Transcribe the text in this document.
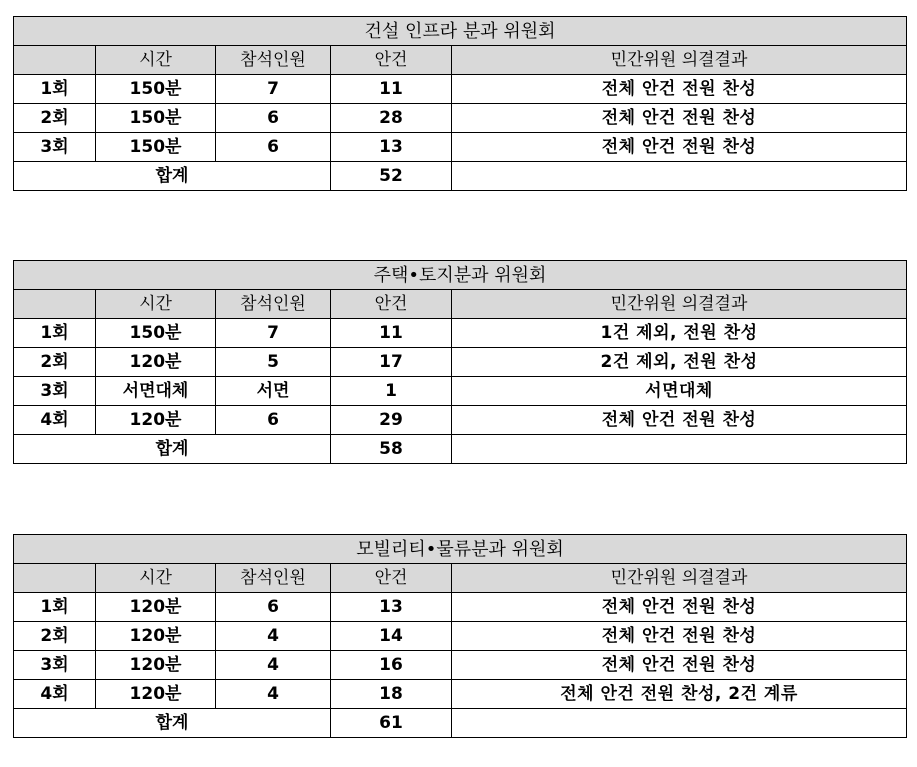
건설 인프라 분과 위원회				
	시간	참석인원	안건	민간위원 의결결과
1회	150분	7	11	전체 안건 전원 찬성
2회	150분	6	28	전체 안건 전원 찬성
3회	150분	6	13	전체 안건 전원 찬성
합계			52	
주택•토지분과 위원회				
	시간	참석인원	안건	민간위원 의결결과
1회	150분	7	11	1건 제외, 전원 찬성
2회	120분	5	17	2건 제외, 전원 찬성
3회	서면대체	서면	1	서면대체
4회	120분	6	29	전체 안건 전원 찬성
합계			58	
모빌리티•물류분과 위원회				
	시간	참석인원	안건	민간위원 의결결과
1회	120분	6	13	전체 안건 전원 찬성
2회	120분	4	14	전체 안건 전원 찬성
3회	120분	4	16	전체 안건 전원 찬성
4회	120분	4	18	전체 안건 전원 찬성, 2건 계류
합계			61	
